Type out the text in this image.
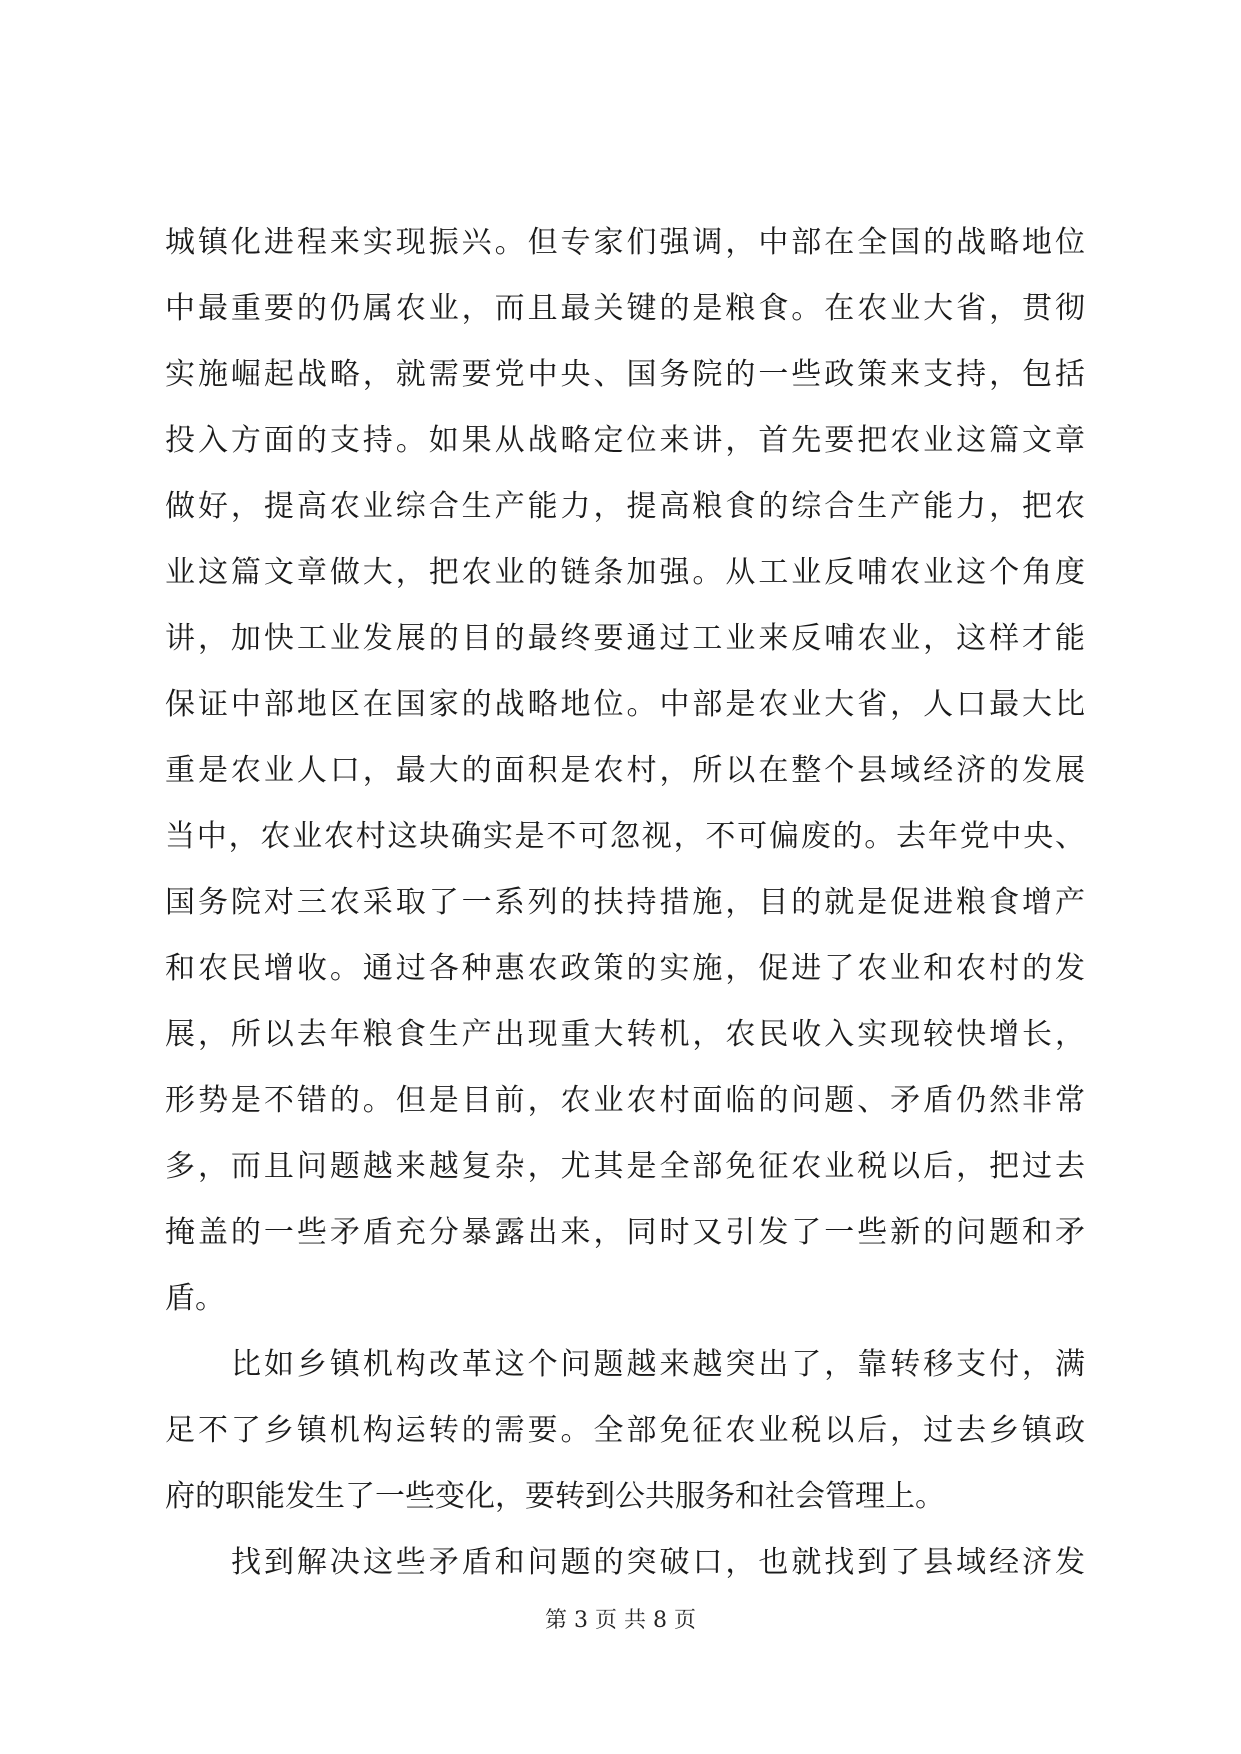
城镇化进程来实现振兴。但专家们强调，中部在全国的战略地位
中最重要的仍属农业，而且最关键的是粮食。在农业大省，贯彻
实施崛起战略，就需要党中央、国务院的一些政策来支持，包括
投入方面的支持。如果从战略定位来讲，首先要把农业这篇文章
做好，提高农业综合生产能力，提高粮食的综合生产能力，把农
业这篇文章做大，把农业的链条加强。从工业反哺农业这个角度
讲，加快工业发展的目的最终要通过工业来反哺农业，这样才能
保证中部地区在国家的战略地位。中部是农业大省，人口最大比
重是农业人口，最大的面积是农村，所以在整个县域经济的发展
当中，农业农村这块确实是不可忽视，不可偏废的。去年党中央、
国务院对三农采取了一系列的扶持措施，目的就是促进粮食增产
和农民增收。通过各种惠农政策的实施，促进了农业和农村的发
展，所以去年粮食生产出现重大转机，农民收入实现较快增长，
形势是不错的。但是目前，农业农村面临的问题、矛盾仍然非常
多，而且问题越来越复杂，尤其是全部免征农业税以后，把过去
掩盖的一些矛盾充分暴露出来，同时又引发了一些新的问题和矛
盾。
比如乡镇机构改革这个问题越来越突出了，靠转移支付，满
足不了乡镇机构运转的需要。全部免征农业税以后，过去乡镇政
府的职能发生了一些变化，要转到公共服务和社会管理上。
找到解决这些矛盾和问题的突破口，也就找到了县域经济发
第 3 页 共 8 页
